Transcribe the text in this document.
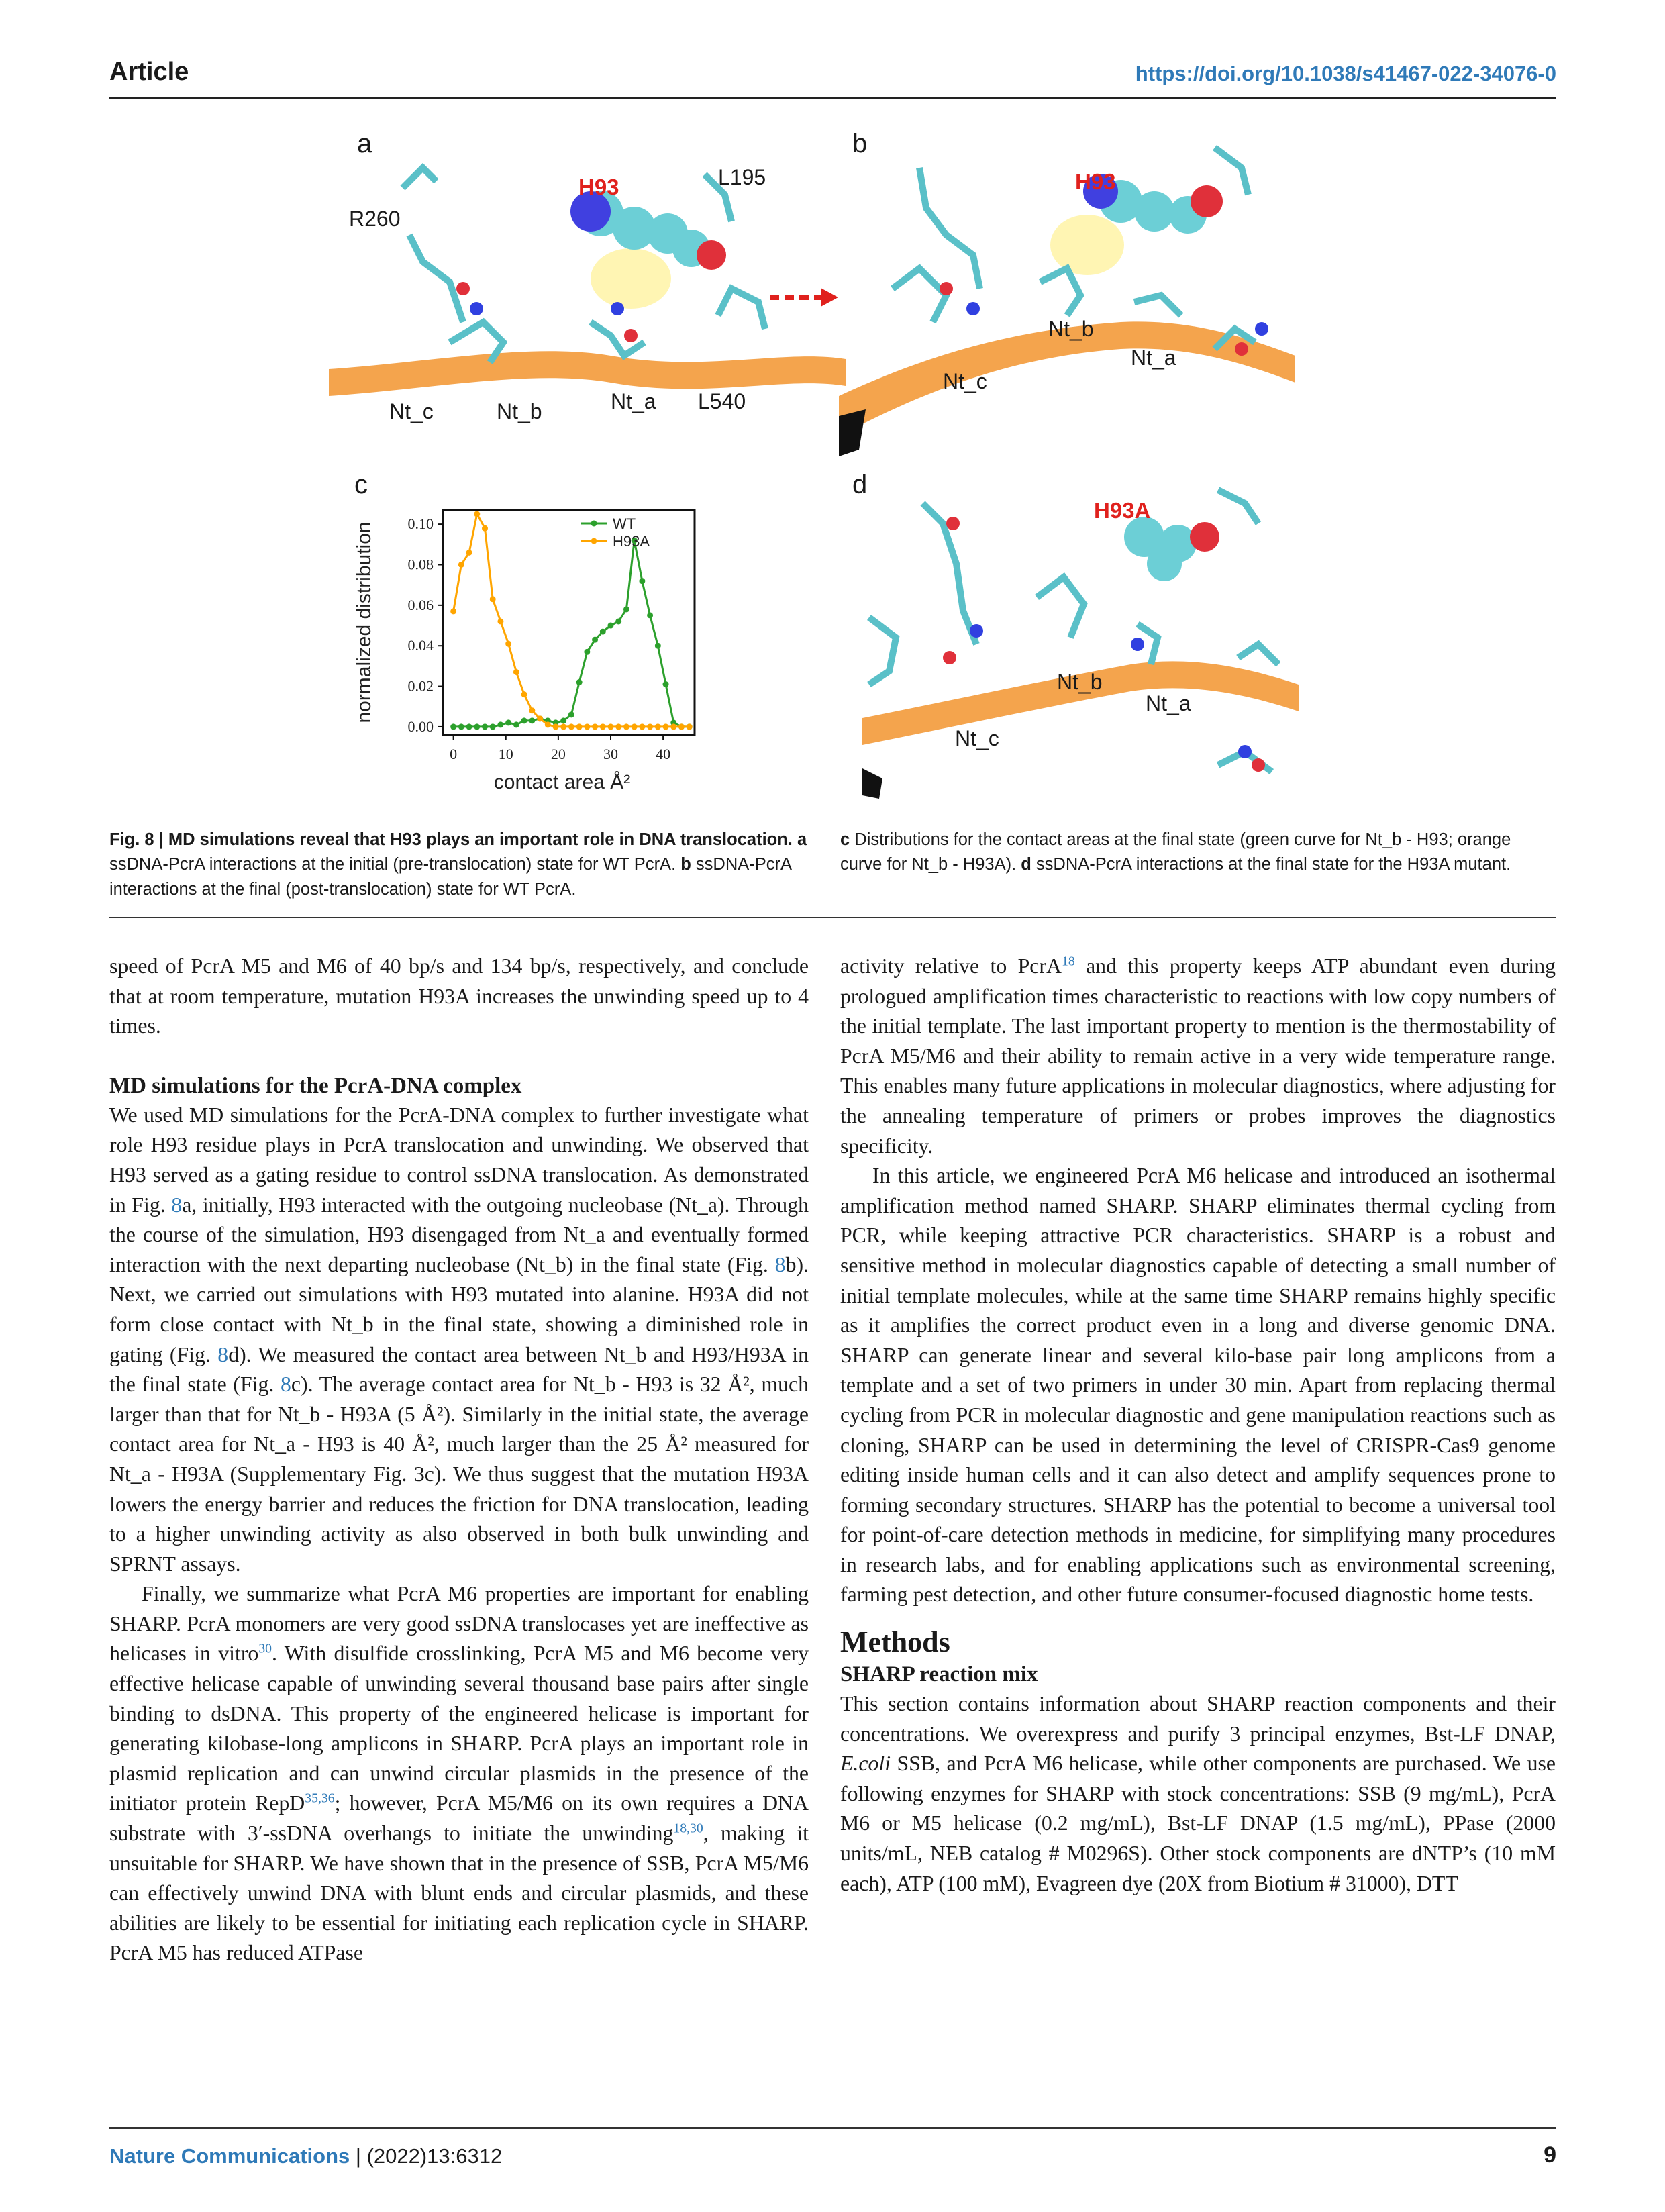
Article	https://doi.org/10.1038/s41467-022-34076-0
a
R260
H93	L195
Nt_c	Nt_b	Nt_a L540
b
H93
Nt_b
Nt_a
Nt_c
c
0	10	20	30	40
0.00
0.02
0.04
0.06
0.08
0.10
contact area Å²
normalized distribution	WT
H93A
d
H93A
Nt_b
Nt_a
Nt_c
Fig. 8 | MD simulations reveal that H93 plays an important role in DNA translocation. a ssDNA-PcrA interactions at the initial (pre-translocation) state for WT PcrA. b ssDNA-PcrA interactions at the final (post-translocation) state for WT PcrA.
c Distributions for the contact areas at the final state (green curve for Nt_b - H93; orange curve for Nt_b - H93A). d ssDNA-PcrA interactions at the final state for the H93A mutant.

speed of PcrA M5 and M6 of 40 bp/s and 134 bp/s, respectively, and conclude that at room temperature, mutation H93A increases the unwinding speed up to 4 times.

MD simulations for the PcrA-DNA complex

We used MD simulations for the PcrA-DNA complex to further investigate what role H93 residue plays in PcrA translocation and unwinding. We observed that H93 served as a gating residue to control ssDNA translocation. As demonstrated in Fig. 8a, initially, H93 interacted with the outgoing nucleobase (Nt_a). Through the course of the simulation, H93 disengaged from Nt_a and eventually formed interaction with the next departing nucleobase (Nt_b) in the final state (Fig. 8b). Next, we carried out simulations with H93 mutated into alanine. H93A did not form close contact with Nt_b in the final state, showing a diminished role in gating (Fig. 8d). We measured the contact area between Nt_b and H93/H93A in the final state (Fig. 8c). The average contact area for Nt_b - H93 is 32 Å², much larger than that for Nt_b - H93A (5 Å²). Similarly in the initial state, the average contact area for Nt_a - H93 is 40 Å², much larger than the 25 Å² measured for Nt_a - H93A (Supplementary Fig. 3c). We thus suggest that the mutation H93A lowers the energy barrier and reduces the friction for DNA translocation, leading to a higher unwinding activity as also observed in both bulk unwinding and SPRNT assays.

Finally, we summarize what PcrA M6 properties are important for enabling SHARP. PcrA monomers are very good ssDNA translocases yet are ineffective as helicases in vitro$^{30}$. With disulfide crosslinking, PcrA M5 and M6 become very effective helicase capable of unwinding several thousand base pairs after single binding to dsDNA. This property of the engineered helicase is important for generating kilobase-long amplicons in SHARP. PcrA plays an important role in plasmid replication and can unwind circular plasmids in the presence of the initiator protein RepD$^{35,36}$; however, PcrA M5/M6 on its own requires a DNA substrate with 3′-ssDNA overhangs to initiate the unwinding$^{18,30}$, making it unsuitable for SHARP. We have shown that in the presence of SSB, PcrA M5/M6 can effectively unwind DNA with blunt ends and circular plasmids, and these abilities are likely to be essential for initiating each replication cycle in SHARP. PcrA M5 has reduced ATPase

activity relative to PcrA$^{18}$ and this property keeps ATP abundant even during prologued amplification times characteristic to reactions with low copy numbers of the initial template. The last important property to mention is the thermostability of PcrA M5/M6 and their ability to remain active in a very wide temperature range. This enables many future applications in molecular diagnostics, where adjusting for the annealing temperature of primers or probes improves the diagnostics specificity.

In this article, we engineered PcrA M6 helicase and introduced an isothermal amplification method named SHARP. SHARP eliminates thermal cycling from PCR, while keeping attractive PCR characteristics. SHARP is a robust and sensitive method in molecular diagnostics capable of detecting a small number of initial template molecules, while at the same time SHARP remains highly specific as it amplifies the correct product even in a long and diverse genomic DNA. SHARP can generate linear and several kilo-base pair long amplicons from a template and a set of two primers in under 30 min. Apart from replacing thermal cycling from PCR in molecular diagnostic and gene manipulation reactions such as cloning, SHARP can be used in determining the level of CRISPR-Cas9 genome editing inside human cells and it can also detect and amplify sequences prone to forming secondary structures. SHARP has the potential to become a universal tool for point-of-care detection methods in medicine, for simplifying many procedures in research labs, and for enabling applications such as environmental screening, farming pest detection, and other future consumer-focused diagnostic home tests.

Methods
SHARP reaction mix

This section contains information about SHARP reaction components and their concentrations. We overexpress and purify 3 principal enzymes, Bst-LF DNAP, E.coli SSB, and PcrA M6 helicase, while other components are purchased. We use following enzymes for SHARP with stock concentrations: SSB (9 mg/mL), PcrA M6 or M5 helicase (0.2 mg/mL), Bst-LF DNAP (1.5 mg/mL), PPase (2000 units/mL, NEB catalog # M0296S). Other stock components are dNTP’s (10 mM each), ATP (100 mM), Evagreen dye (20X from Biotium # 31000), DTT

Nature Communications | (2022)13:6312	9
